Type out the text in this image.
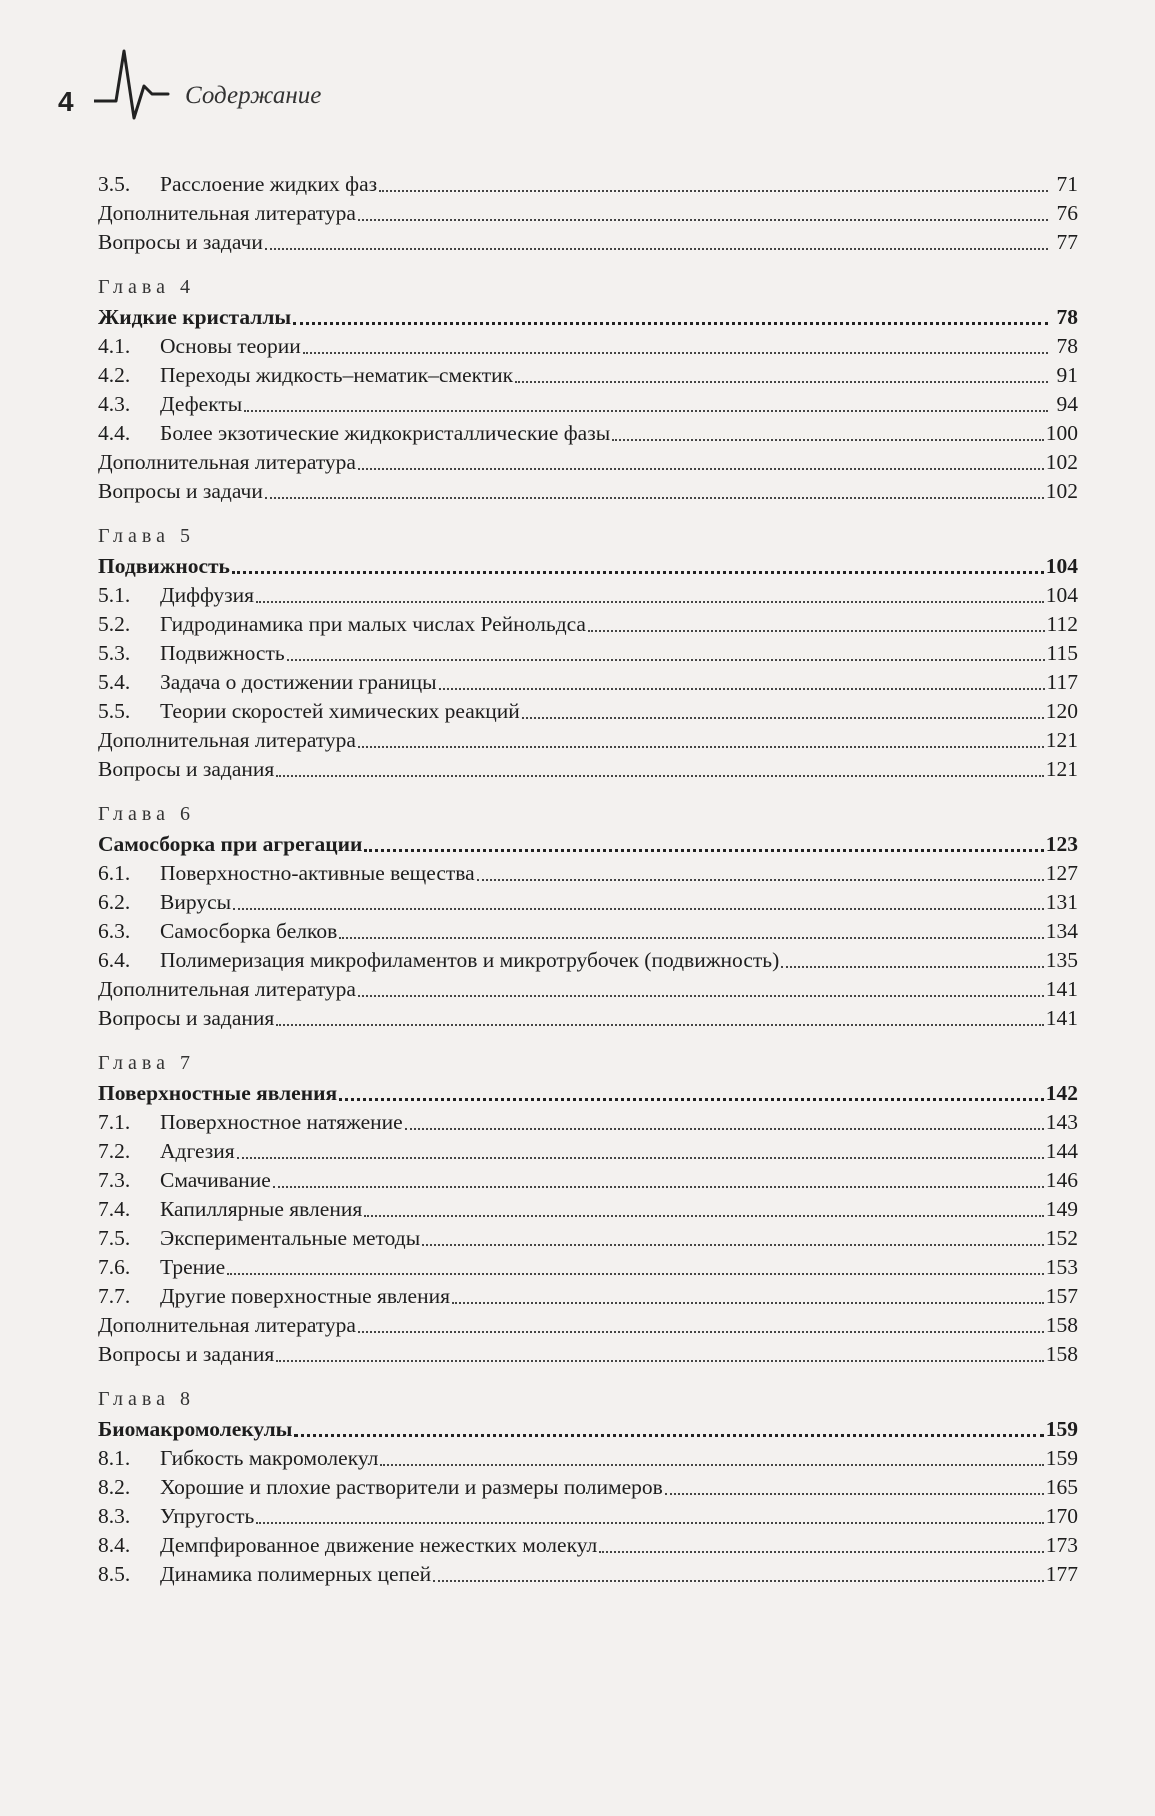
4	Содержание
3.5.	Расслоение жидких фаз	71
Дополнительная литература	76
Вопросы и задачи	77
Глава 4
Жидкие кристаллы	78
4.1.	Основы теории	78
4.2.	Переходы жидкость–нематик–смектик	91
4.3.	Дефекты	94
4.4.	Более экзотические жидкокристаллические фазы	100
Дополнительная литература	102
Вопросы и задачи	102
Глава 5
Подвижность	104
5.1.	Диффузия	104
5.2.	Гидродинамика при малых числах Рейнольдса	112
5.3.	Подвижность	115
5.4.	Задача о достижении границы	117
5.5.	Теории скоростей химических реакций	120
Дополнительная литература	121
Вопросы и задания	121
Глава 6
Самосборка при агрегации	123
6.1.	Поверхностно-активные вещества	127
6.2.	Вирусы	131
6.3.	Самосборка белков	134
6.4.	Полимеризация микрофиламентов и микротрубочек (подвижность)	135
Дополнительная литература	141
Вопросы и задания	141
Глава 7
Поверхностные явления	142
7.1.	Поверхностное натяжение	143
7.2.	Адгезия	144
7.3.	Смачивание	146
7.4.	Капиллярные явления	149
7.5.	Экспериментальные методы	152
7.6.	Трение	153
7.7.	Другие поверхностные явления	157
Дополнительная литература	158
Вопросы и задания	158
Глава 8
Биомакромолекулы	159
8.1.	Гибкость макромолекул	159
8.2.	Хорошие и плохие растворители и размеры полимеров	165
8.3.	Упругость	170
8.4.	Демпфированное движение нежестких молекул	173
8.5.	Динамика полимерных цепей	177
